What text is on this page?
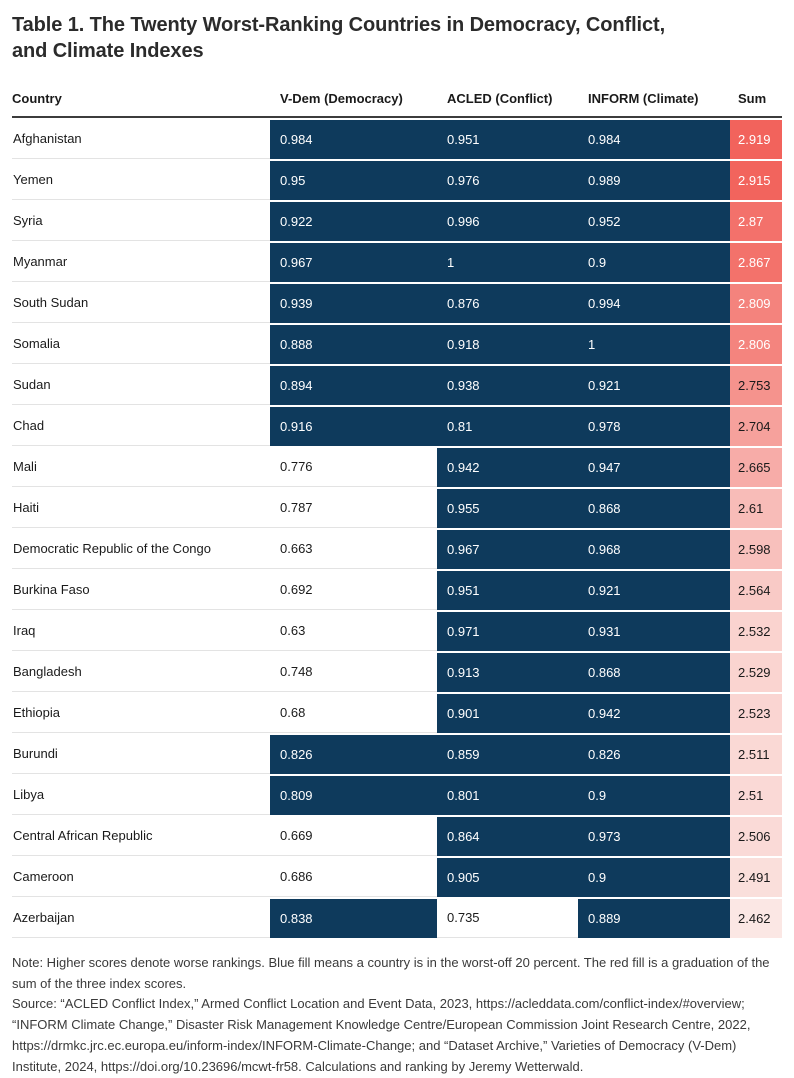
Table 1. The Twenty Worst-Ranking Countries in Democracy, Conflict,
and Climate Indexes
Country	V-Dem (Democracy)	ACLED (Conflict)	INFORM (Climate)	Sum
Afghanistan	0.984	0.951	0.984	2.919
Yemen	0.95	0.976	0.989	2.915
Syria	0.922	0.996	0.952	2.87
Myanmar	0.967	1	0.9	2.867
South Sudan	0.939	0.876	0.994	2.809
Somalia	0.888	0.918	1	2.806
Sudan	0.894	0.938	0.921	2.753
Chad	0.916	0.81	0.978	2.704
Mali	0.776	0.942	0.947	2.665
Haiti	0.787	0.955	0.868	2.61
Democratic Republic of the Congo	0.663	0.967	0.968	2.598
Burkina Faso	0.692	0.951	0.921	2.564
Iraq	0.63	0.971	0.931	2.532
Bangladesh	0.748	0.913	0.868	2.529
Ethiopia	0.68	0.901	0.942	2.523
Burundi	0.826	0.859	0.826	2.511
Libya	0.809	0.801	0.9	2.51
Central African Republic	0.669	0.864	0.973	2.506
Cameroon	0.686	0.905	0.9	2.491
Azerbaijan	0.838	0.735	0.889	2.462

Note: Higher scores denote worse rankings. Blue fill means a country is in the worst-off 20 percent. The red fill is a graduation of the sum of the three index scores.

Source: “ACLED Conflict Index,” Armed Conflict Location and Event Data, 2023, https://acleddata.com/conflict-index/#overview; “INFORM Climate Change,” Disaster Risk Management Knowledge Centre/European Commission Joint Research Centre, 2022, https://drmkc.jrc.ec.europa.eu/inform-index/INFORM-Climate-Change; and “Dataset Archive,” Varieties of Democracy (V-Dem) Institute, 2024, https://doi.org/10.23696/mcwt-fr58. Calculations and ranking by Jeremy Wetterwald.
